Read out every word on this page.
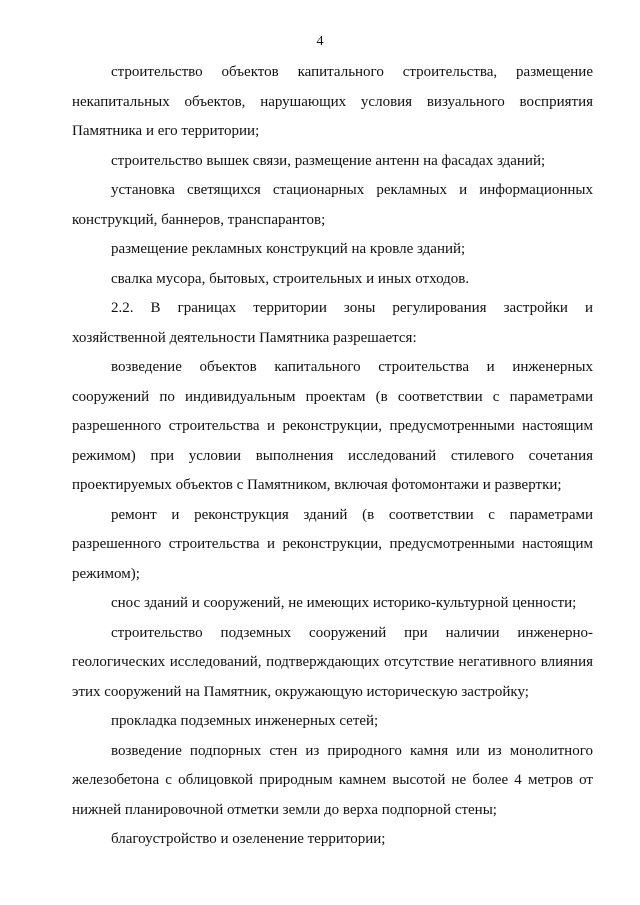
4

строительство объектов капитального строительства, размещение некапитальных объектов, нарушающих условия визуального восприятия Памятника и его территории;

строительство вышек связи, размещение антенн на фасадах зданий;

установка светящихся стационарных рекламных и информационных конструкций, баннеров, транспарантов;

размещение рекламных конструкций на кровле зданий;

свалка мусора, бытовых, строительных и иных отходов.

2.2. В границах территории зоны регулирования застройки и хозяйственной деятельности Памятника разрешается:

возведение объектов капитального строительства и инженерных сооружений по индивидуальным проектам (в соответствии с параметрами разрешенного строительства и реконструкции, предусмотренными настоящим режимом) при условии выполнения исследований стилевого сочетания проектируемых объектов с Памятником, включая фотомонтажи и развертки;

ремонт и реконструкция зданий (в соответствии с параметрами разрешенного строительства и реконструкции, предусмотренными настоящим режимом);

снос зданий и сооружений, не имеющих историко-культурной ценности;

строительство подземных сооружений при наличии инженерно-геологических исследований, подтверждающих отсутствие негативного влияния этих сооружений на Памятник, окружающую историческую застройку;

прокладка подземных инженерных сетей;

возведение подпорных стен из природного камня или из монолитного железобетона с облицовкой природным камнем высотой не более 4 метров от нижней планировочной отметки земли до верха подпорной стены;

благоустройство и озеленение территории;
